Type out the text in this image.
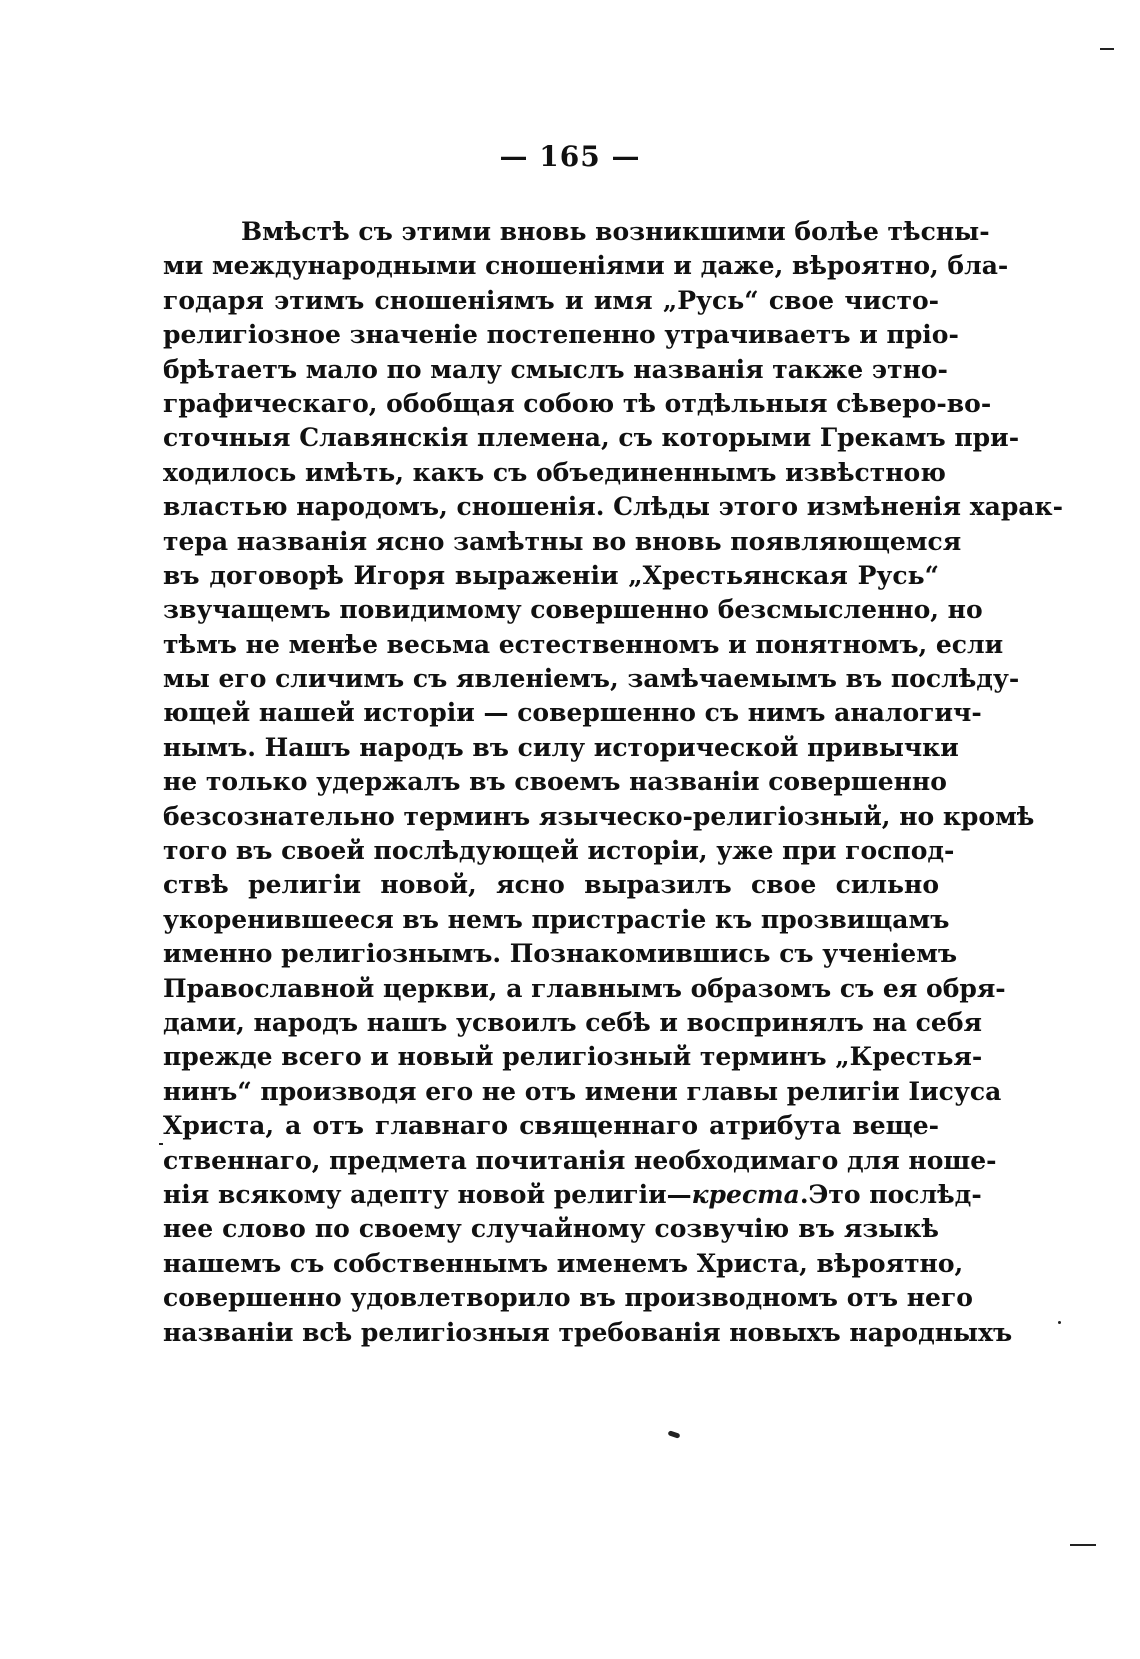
— 165 —
Вмѣстѣ съ этими вновь возникшими болѣе тѣсны-
ми международными сношеніями и даже, вѣроятно, бла-
годаря этимъ сношеніямъ и имя „Русь“ свое чисто-
религіозное значеніе постепенно утрачиваетъ и пріо-
брѣтаетъ мало по малу смыслъ названія также этно-
графическаго, обобщая собою тѣ отдѣльныя сѣверо-во-
сточныя Славянскія племена, съ которыми Грекамъ при-
ходилось имѣть, какъ съ объединеннымъ извѣстною
властью народомъ, сношенія. Слѣды этого измѣненія харак-
тера названія ясно замѣтны во вновь появляющемся
въ договорѣ Игоря выраженіи „Хрестьянская Русь“
звучащемъ повидимому совершенно безсмысленно, но
тѣмъ не менѣе весьма естественномъ и понятномъ, если
мы его сличимъ съ явленіемъ, замѣчаемымъ въ послѣду-
ющей нашей исторіи — совершенно съ нимъ аналогич-
нымъ. Нашъ народъ въ силу исторической привычки
не только удержалъ въ своемъ названіи совершенно
безсознательно терминъ языческо-религіозный, но кромѣ
того въ своей послѣдующей исторіи, уже при господ-
ствѣ религіи новой, ясно выразилъ свое сильно
укоренившееся въ немъ пристрастіе къ прозвищамъ
именно религіознымъ. Познакомившись съ ученіемъ
Православной церкви, а главнымъ образомъ съ ея обря-
дами, народъ нашъ усвоилъ себѣ и воспринялъ на себя
прежде всего и новый религіозный терминъ „Крестья-
нинъ“ производя его не отъ имени главы религіи Іисуса
Христа, а отъ главнаго священнаго атрибута веще-
ственнаго, предмета почитанія необходимаго для ноше-
нія всякому адепту новой религіи—креста.Это послѣд-
нее слово по своему случайному созвучію въ языкѣ
нашемъ съ собственнымъ именемъ Христа, вѣроятно,
совершенно удовлетворило въ производномъ отъ него
названіи всѣ религіозныя требованія новыхъ народныхъ
